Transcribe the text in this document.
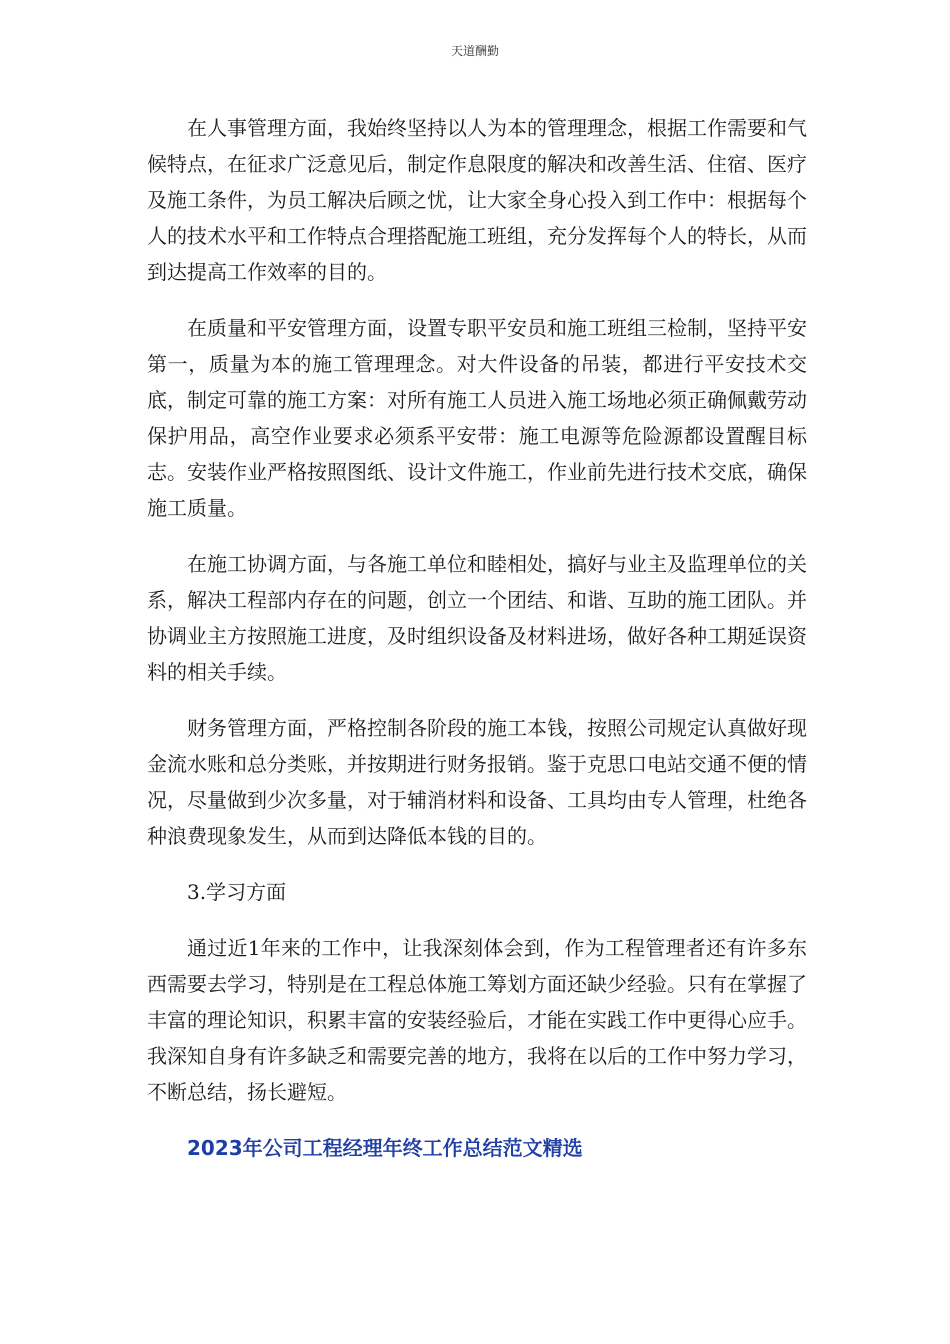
天道酬勤

在人事管理方面，我始终坚持以人为本的管理理念，根据工作需要和气候特点，在征求广泛意见后，制定作息限度的解决和改善生活、住宿、医疗及施工条件，为员工解决后顾之忧，让大家全身心投入到工作中：根据每个人的技术水平和工作特点合理搭配施工班组，充分发挥每个人的特长，从而到达提高工作效率的目的。

在质量和平安管理方面，设置专职平安员和施工班组三检制，坚持平安第一，质量为本的施工管理理念。对大件设备的吊装，都进行平安技术交底，制定可靠的施工方案：对所有施工人员进入施工场地必须正确佩戴劳动保护用品，高空作业要求必须系平安带：施工电源等危险源都设置醒目标志。安装作业严格按照图纸、设计文件施工，作业前先进行技术交底，确保施工质量。

在施工协调方面，与各施工单位和睦相处，搞好与业主及监理单位的关系，解决工程部内存在的问题，创立一个团结、和谐、互助的施工团队。并协调业主方按照施工进度，及时组织设备及材料进场，做好各种工期延误资料的相关手续。

财务管理方面，严格控制各阶段的施工本钱，按照公司规定认真做好现金流水账和总分类账，并按期进行财务报销。鉴于克思口电站交通不便的情况，尽量做到少次多量，对于辅消材料和设备、工具均由专人管理，杜绝各种浪费现象发生，从而到达降低本钱的目的。

3.学习方面

通过近1年来的工作中，让我深刻体会到，作为工程管理者还有许多东西需要去学习，特别是在工程总体施工筹划方面还缺少经验。只有在掌握了丰富的理论知识，积累丰富的安装经验后，才能在实践工作中更得心应手。我深知自身有许多缺乏和需要完善的地方，我将在以后的工作中努力学习，不断总结，扬长避短。

2023年公司工程经理年终工作总结范文精选
